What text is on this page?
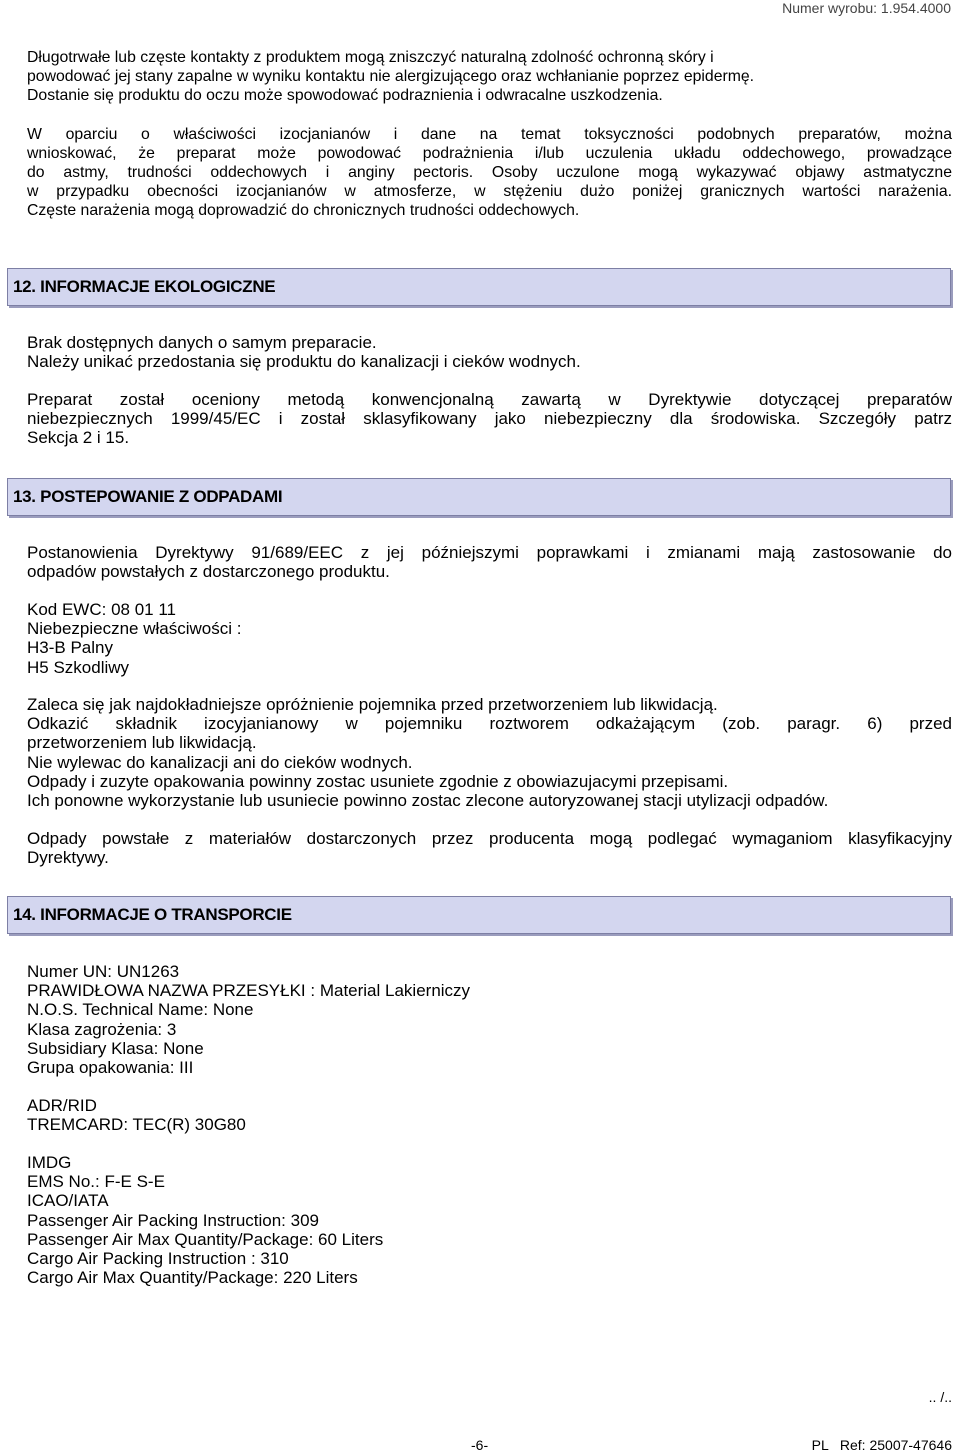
Numer wyrobu: 1.954.4000
Długotrwałe lub częste kontakty z produktem mogą zniszczyć naturalną zdolność ochronną skóry i
powodować jej stany zapalne w wyniku kontaktu nie alergizującego oraz wchłanianie poprzez epidermę.
Dostanie się produktu do oczu może spowodować podraznienia i odwracalne uszkodzenia.
W oparciu o właściwości izocjanianów i dane na temat toksyczności podobnych preparatów, można
wnioskować, że preparat może powodować podrażnienia i/lub uczulenia układu oddechowego, prowadzące
do astmy, trudności oddechowych i anginy pectoris. Osoby uczulone mogą wykazywać objawy astmatyczne
w przypadku obecności izocjanianów w atmosferze, w stężeniu dużo poniżej granicznych wartości narażenia.
Częste narażenia mogą doprowadzić do chronicznych trudności oddechowych.
12. INFORMACJE EKOLOGICZNE
Brak dostępnych danych o samym preparacie.
Należy unikać przedostania się produktu do kanalizacji i cieków wodnych.
Preparat został oceniony metodą konwencjonalną zawartą w Dyrektywie dotyczącej preparatów
niebezpiecznych 1999/45/EC i został sklasyfikowany jako niebezpieczny dla środowiska. Szczegóły patrz
Sekcja 2 i 15.
13. POSTEPOWANIE Z ODPADAMI
Postanowienia Dyrektywy 91/689/EEC z jej późniejszymi poprawkami i zmianami mają zastosowanie do
odpadów powstałych z dostarczonego produktu.
Kod EWC: 08 01 11
Niebezpieczne właściwości :
H3-B Palny
H5 Szkodliwy
Zaleca się jak najdokładniejsze opróżnienie pojemnika przed przetworzeniem lub likwidacją.
Odkazić składnik izocyjanianowy w pojemniku roztworem odkażającym (zob. paragr. 6) przed
przetworzeniem lub likwidacją.
Nie wylewac do kanalizacji ani do cieków wodnych.
Odpady i zuzyte opakowania powinny zostac usuniete zgodnie z obowiazujacymi przepisami.
Ich ponowne wykorzystanie lub usuniecie powinno zostac zlecone autoryzowanej stacji utylizacji odpadów.
Odpady powstałe z materiałów dostarczonych przez producenta mogą podlegać wymaganiom klasyfikacyjny
Dyrektywy.
14. INFORMACJE O TRANSPORCIE
Numer UN: UN1263
PRAWIDŁOWA NAZWA PRZESYŁKI : Material Lakierniczy
N.O.S. Technical Name: None
Klasa zagrożenia: 3
Subsidiary Klasa: None
Grupa opakowania: III
ADR/RID
TREMCARD: TEC(R) 30G80
IMDG
EMS No.: F-E S-E
ICAO/IATA
Passenger Air Packing Instruction: 309
Passenger Air Max Quantity/Package: 60 Liters
Cargo Air Packing Instruction : 310
Cargo Air Max Quantity/Package: 220 Liters
.. /..
-6-	PL   Ref: 25007-47646
